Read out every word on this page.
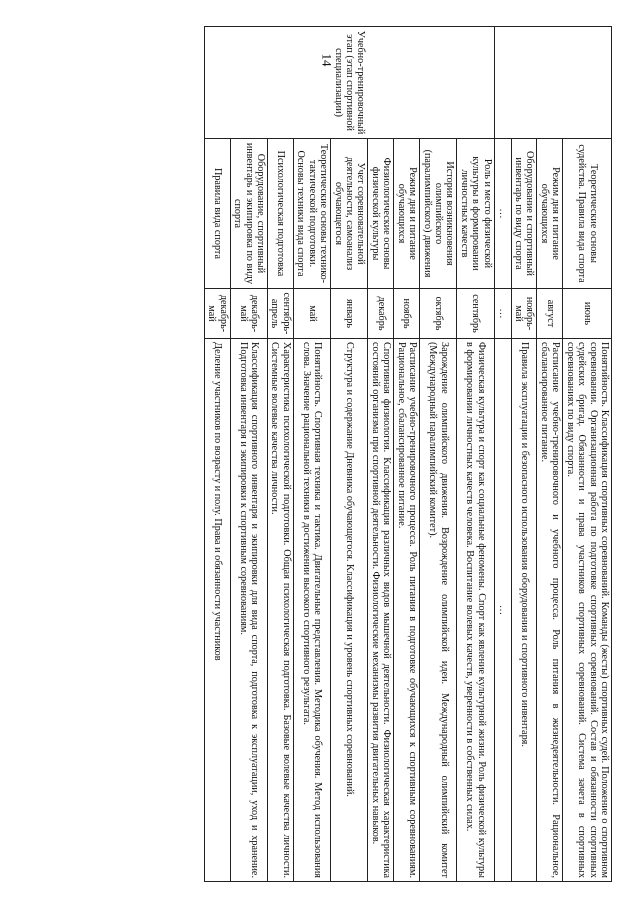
14
	Теоретические основы судейства. Правила вида спорта	июнь	Понятийность. Классификация спортивных соревнований. Команды (жесты) спортивных судей. Положение о спортивном соревновании. Организационная работа по подготовке спортивных соревнований. Состав и обязанности спортивных судейских бригад. Обязанности и права участников спортивных соревнований. Система зачета в спортивных соревнованиях по виду спорта.
	Режим дня и питание обучающихся	август	Расписание учебно-тренировочного и учебного процесса. Роль питания в жизнедеятельности. Рациональное, сбалансированное питание.
	Оборудование и спортивный инвентарь по виду спорта	ноябрь-май	Правила эксплуатации и безопасного использования оборудования и спортивного инвентаря.
	…	…	…
Учебно-тренировочный этап (этап спортивной специализации)	Роль и место физической культуры в формировании личностных качеств	сентябрь	Физическая культура и спорт как социальные феномены. Спорт как явление культурной жизни. Роль физической культуры в формировании личностных качеств человека. Воспитание волевых качеств, уверенности в собственных силах.
	История возникновения олимпийского (паралимпийского) движения	октябрь	Зарождение олимпийского движения. Возрождение олимпийской идеи. Международный олимпийский комитет (Международный паралимпийский комитет).
	Режим дня и питание обучающихся	ноябрь	Расписание учебно-тренировочного процесса. Роль питания в подготовке обучающихся к спортивным соревнованиям. Рациональное, сбалансированное питание.
	Физиологические основы физической культуры	декабрь	Спортивная физиология. Классификация различных видов мышечной деятельности. Физиологическая характеристика состояний организма при спортивной деятельности. Физиологические механизмы развития двигательных навыков.
	Учет соревновательной деятельности, самоанализ обучающегося	январь	Структура и содержание Дневника обучающегося. Классификация и уровень спортивных соревнований.
	Теоретические основы технико-тактической подготовки. Основы техники вида спорта	май	Понятийность. Спортивная техника и тактика. Двигательные представления. Методика обучения. Метод использования слова. Значение рациональной техники в достижении высокого спортивного результата.
	Психологическая подготовка	сентябрь-апрель	Характеристика психологической подготовки. Общая психологическая подготовка. Базовые волевые качества личности. Системные волевые качества личности.
	Оборудование, спортивный инвентарь и экипировка по виду спорта	декабрь-май	Классификация спортивного инвентаря и экипировки для вида спорта, подготовка к эксплуатации, уход и хранение. Подготовка инвентаря и экипировки к спортивным соревнованиям.
	Правила вида спорта	декабрь-май	Деление участников по возрасту и полу. Права и обязанности участников
